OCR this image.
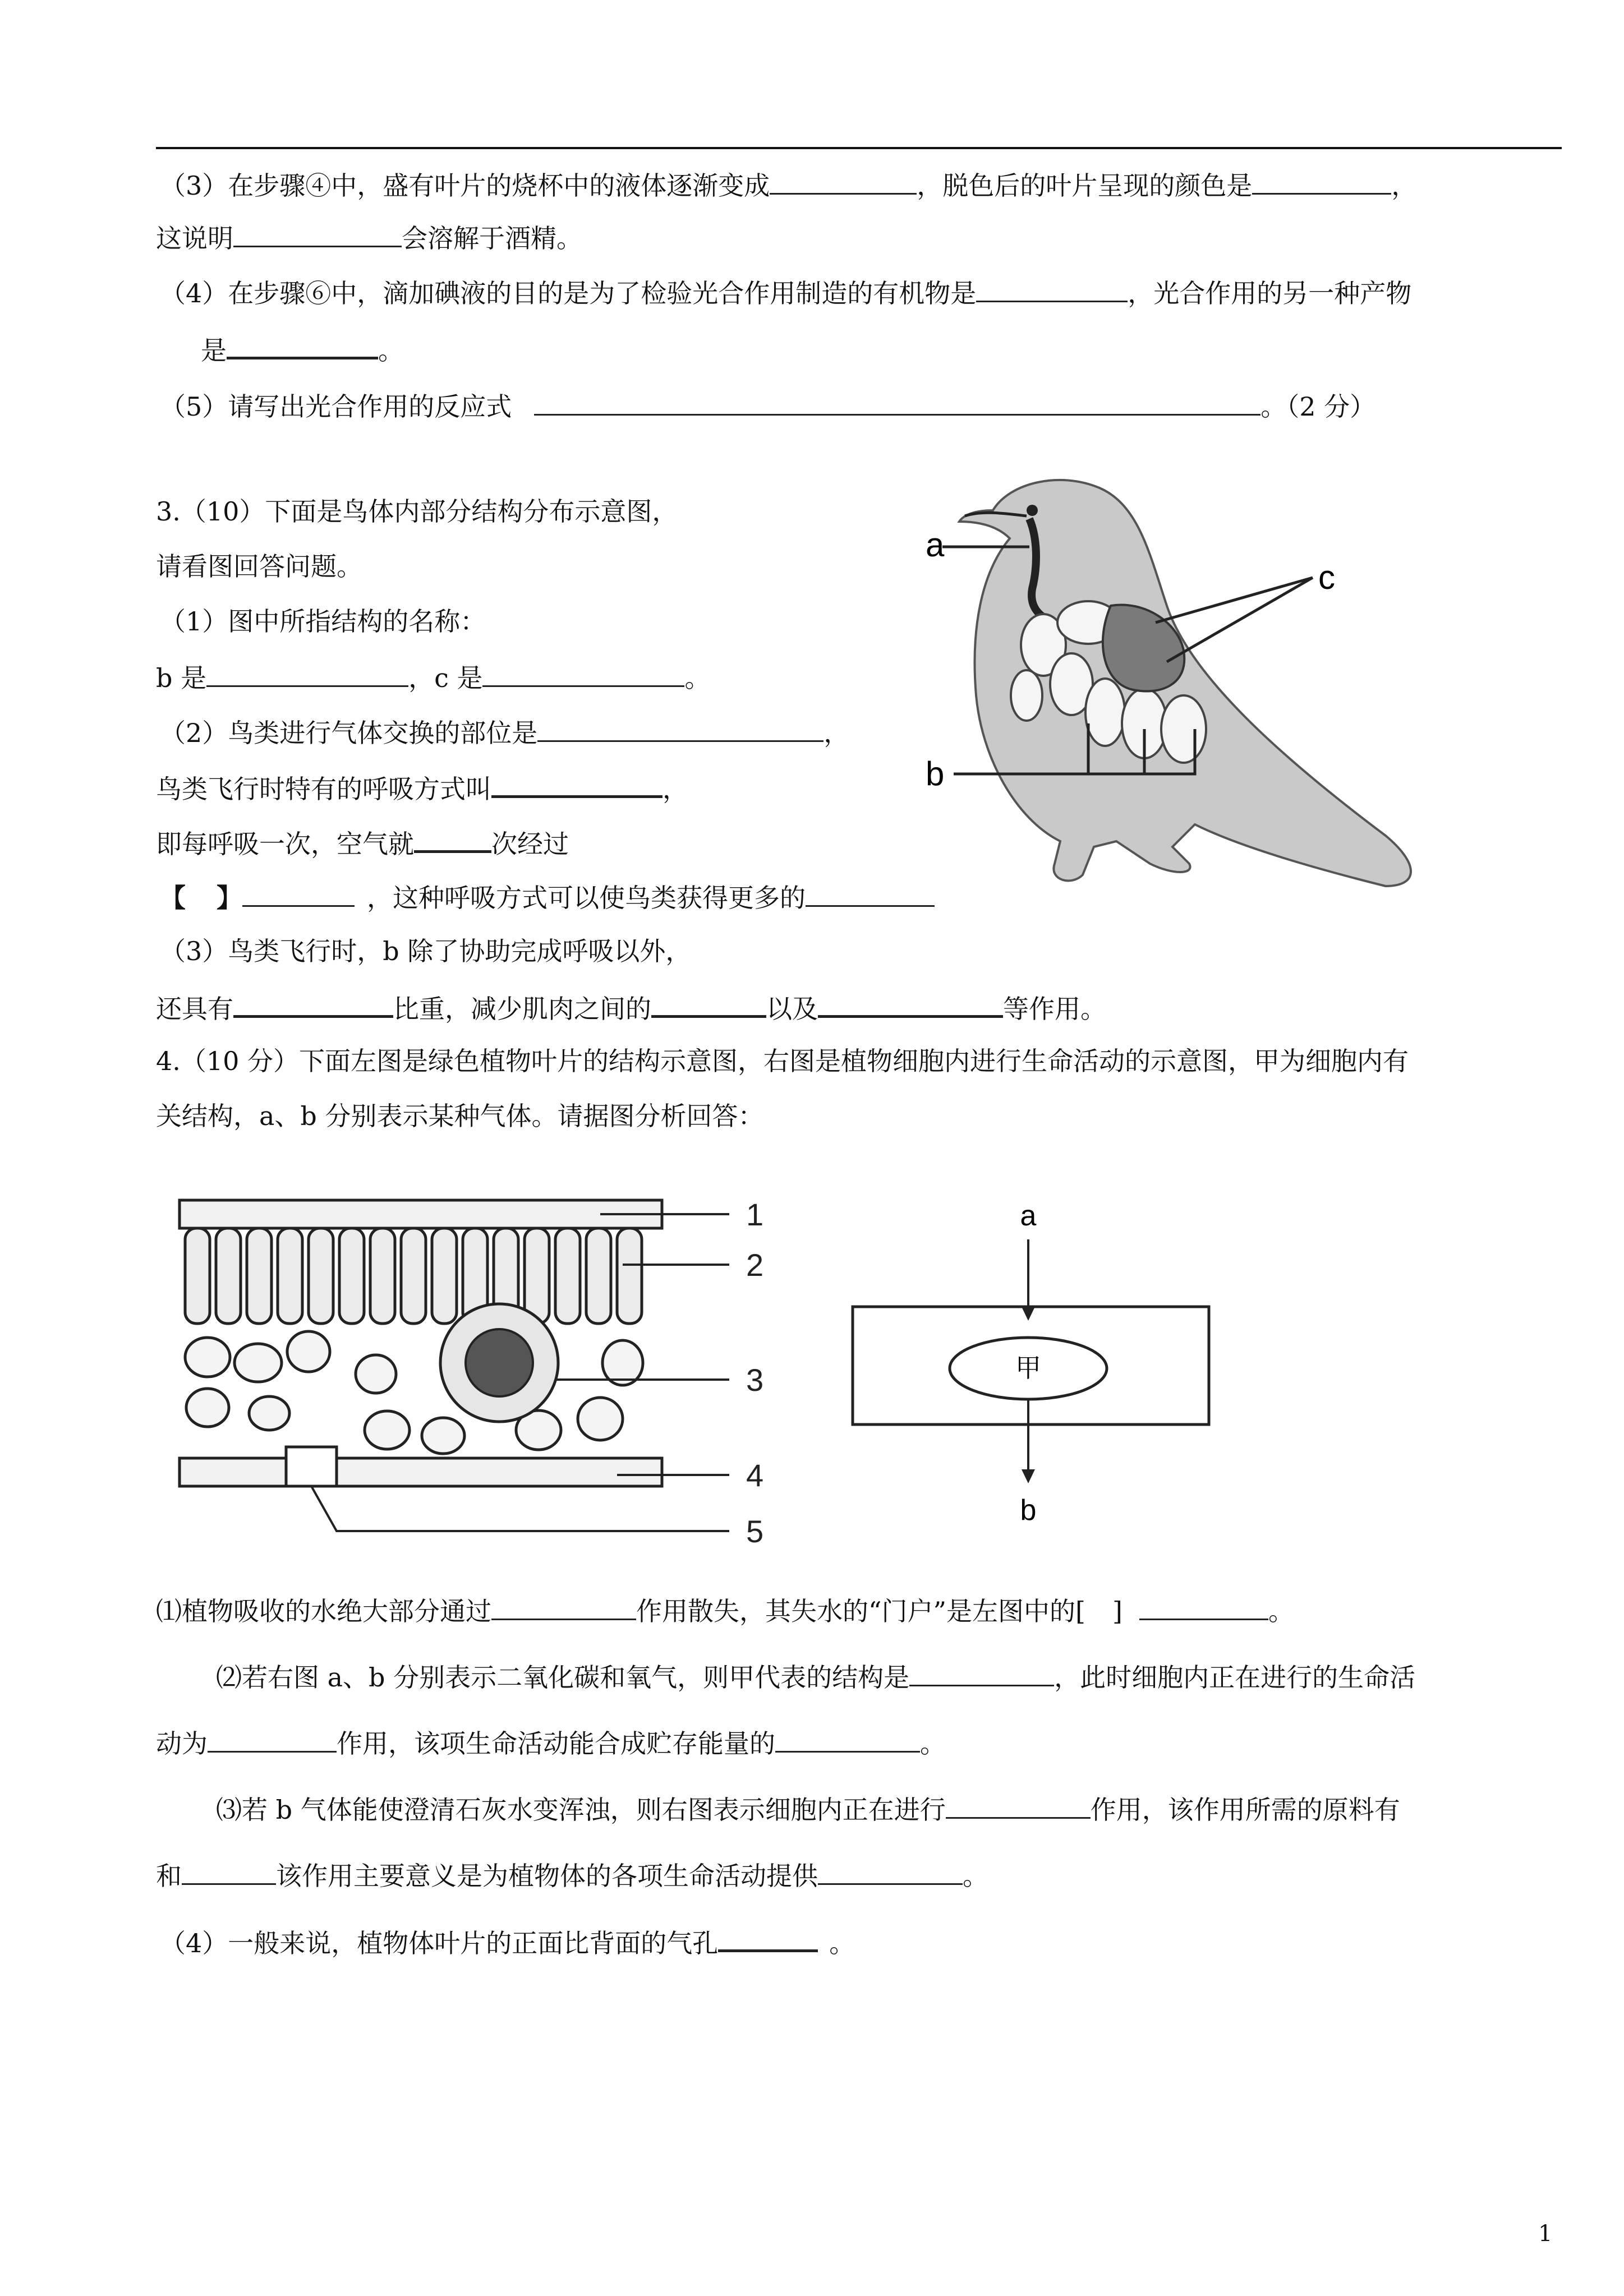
（3）在步骤④中，盛有叶片的烧杯中的液体逐渐变成	，脱色后的叶片呈现的颜色是	，
这说明	会溶解于酒精。
（4）在步骤⑥中，滴加碘液的目的是为了检验光合作用制造的有机物是	，光合作用的另一种产物
是	。
（5）请写出光合作用的反应式	。（2 分）
3.（10）下面是鸟体内部分结构分布示意图，
请看图回答问题。
（1）图中所指结构的名称：
b 是	，c 是	。
（2）鸟类进行气体交换的部位是	，
鸟类飞行时特有的呼吸方式叫	，
即每呼吸一次，空气就	次经过
【 】	，这种呼吸方式可以使鸟类获得更多的
（3）鸟类飞行时，b 除了协助完成呼吸以外，
还具有	比重，减少肌肉之间的	以及	等作用。
a
c
b
4.（10 分）下面左图是绿色植物叶片的结构示意图，右图是植物细胞内进行生命活动的示意图，甲为细胞内有
关结构，a、b 分别表示某种气体。请据图分析回答：
1
2
3
4
5
a
甲
b
⑴植物吸收的水绝大部分通过	作用散失，其失水的“门户”是左图中的[ ]	。
⑵若右图 a、b 分别表示二氧化碳和氧气，则甲代表的结构是	，此时细胞内正在进行的生命活
动为	作用，该项生命活动能合成贮存能量的	。
⑶若 b 气体能使澄清石灰水变浑浊，则右图表示细胞内正在进行	作用，该作用所需的原料有
和	该作用主要意义是为植物体的各项生命活动提供	。
（4）一般来说，植物体叶片的正面比背面的气孔	。
1
